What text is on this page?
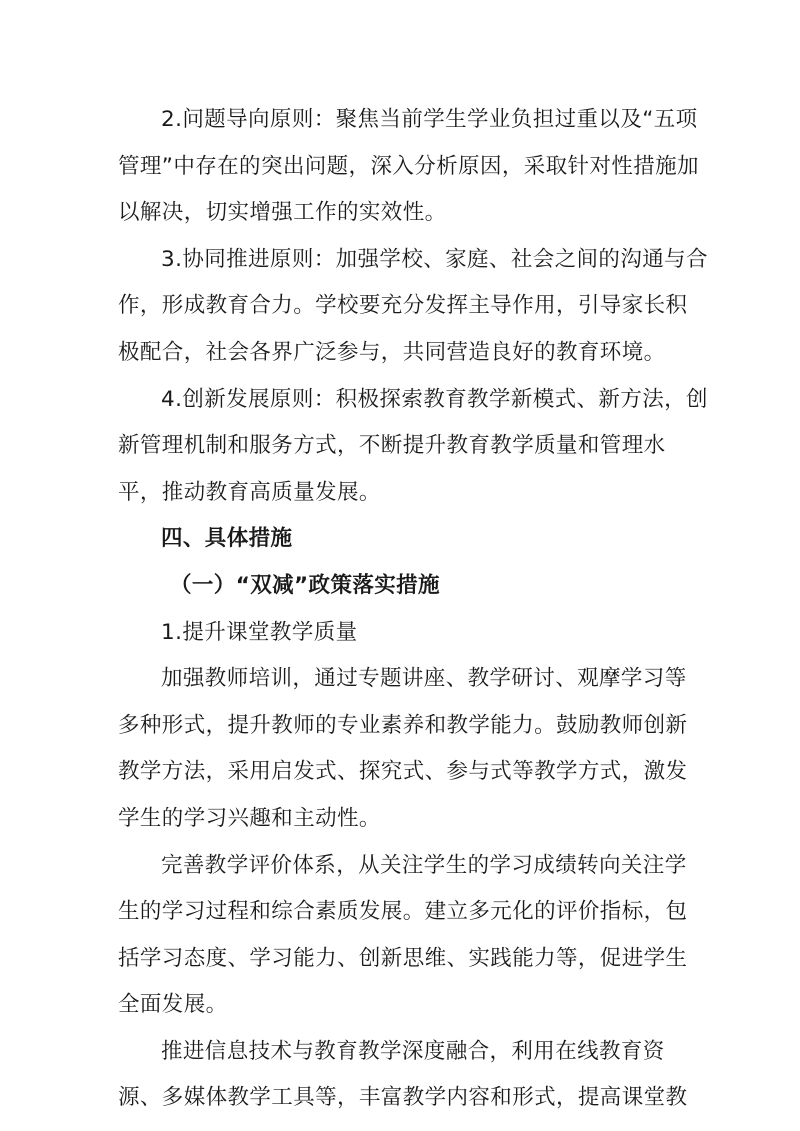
2.问题导向原则：聚焦当前学生学业负担过重以及“五项
管理”中存在的突出问题，深入分析原因，采取针对性措施加
以解决，切实增强工作的实效性。

3.协同推进原则：加强学校、家庭、社会之间的沟通与合
作，形成教育合力。学校要充分发挥主导作用，引导家长积
极配合，社会各界广泛参与，共同营造良好的教育环境。

4.创新发展原则：积极探索教育教学新模式、新方法，创
新管理机制和服务方式，不断提升教育教学质量和管理水
平，推动教育高质量发展。

四、具体措施

（一）“双减”政策落实措施

1.提升课堂教学质量

加强教师培训，通过专题讲座、教学研讨、观摩学习等
多种形式，提升教师的专业素养和教学能力。鼓励教师创新
教学方法，采用启发式、探究式、参与式等教学方式，激发
学生的学习兴趣和主动性。

完善教学评价体系，从关注学生的学习成绩转向关注学
生的学习过程和综合素质发展。建立多元化的评价指标，包
括学习态度、学习能力、创新思维、实践能力等，促进学生
全面发展。

推进信息技术与教育教学深度融合，利用在线教育资
源、多媒体教学工具等，丰富教学内容和形式，提高课堂教
